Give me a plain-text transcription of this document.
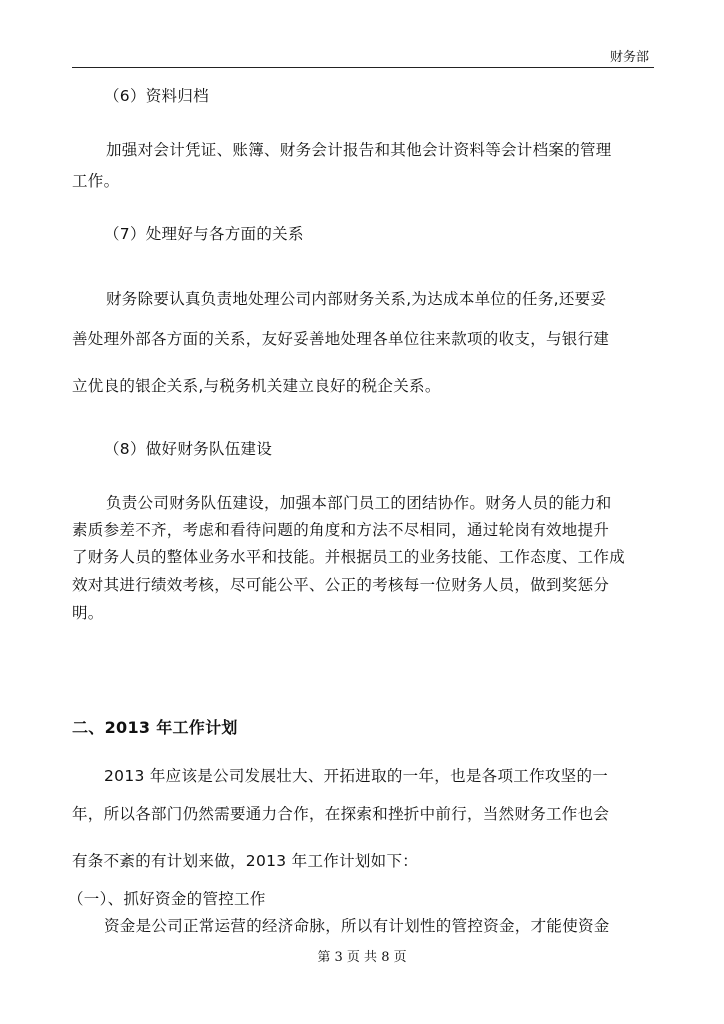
财务部
（6）资料归档
加强对会计凭证、账簿、财务会计报告和其他会计资料等会计档案的管理
工作。
（7）处理好与各方面的关系
财务除要认真负责地处理公司内部财务关系,为达成本单位的任务,还要妥
善处理外部各方面的关系，友好妥善地处理各单位往来款项的收支，与银行建
立优良的银企关系,与税务机关建立良好的税企关系。
（8）做好财务队伍建设
负责公司财务队伍建设，加强本部门员工的团结协作。财务人员的能力和
素质参差不齐，考虑和看待问题的角度和方法不尽相同，通过轮岗有效地提升
了财务人员的整体业务水平和技能。并根据员工的业务技能、工作态度、工作成
效对其进行绩效考核，尽可能公平、公正的考核每一位财务人员，做到奖惩分
明。
二、2013 年工作计划
2013 年应该是公司发展壮大、开拓进取的一年，也是各项工作攻坚的一
年，所以各部门仍然需要通力合作，在探索和挫折中前行，当然财务工作也会
有条不紊的有计划来做，2013 年工作计划如下：
（一）、抓好资金的管控工作
资金是公司正常运营的经济命脉，所以有计划性的管控资金，才能使资金
第 3 页 共 8 页
